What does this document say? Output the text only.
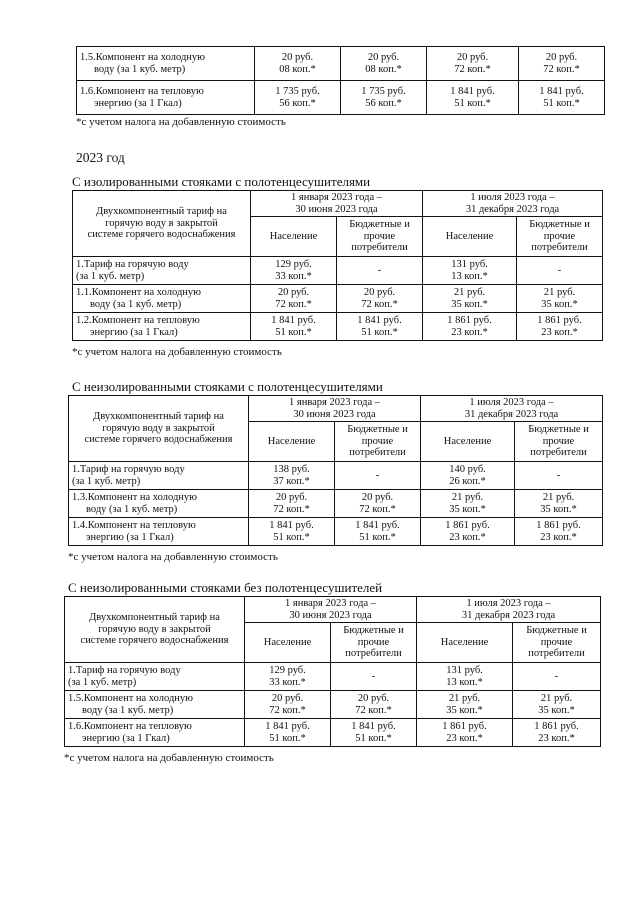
1.5.Компонент на холодную
воду (за 1 куб. метр)	20 руб.
08 коп.*	20 руб.
08 коп.*	20 руб.
72 коп.*	20 руб.
72 коп.*

1.6.Компонент на тепловую
энергию (за 1 Гкал)	1 735 руб.
56 коп.*	1 735 руб.
56 коп.*	1 841 руб.
51 коп.*	1 841 руб.
51 коп.*
*с учетом налога на добавленную стоимость
2023 год
С изолированными стояками с полотенцесушителями
Двухкомпонентный тариф на
горячую воду в закрытой
системе горячего водоснабжения	1 января 2023 года –
30 июня 2023 года		1 июля 2023 года –
31 декабря 2023 года	

	Население	Бюджетные и
прочие
потребители	Население	Бюджетные и
прочие
потребители

1.Тариф на горячую воду
(за 1 куб. метр)	129 руб.
33 коп.*	-	131 руб.
13 коп.*	-

1.1.Компонент на холодную
воду (за 1 куб. метр)	20 руб.
72 коп.*	20 руб.
72 коп.*	21 руб.
35 коп.*	21 руб.
35 коп.*

1.2.Компонент на тепловую
энергию (за 1 Гкал)	1 841 руб.
51 коп.*	1 841 руб.
51 коп.*	1 861 руб.
23 коп.*	1 861 руб.
23 коп.*
*с учетом налога на добавленную стоимость
С неизолированными стояками с полотенцесушителями
Двухкомпонентный тариф на
горячую воду в закрытой
системе горячего водоснабжения	1 января 2023 года –
30 июня 2023 года		1 июля 2023 года –
31 декабря 2023 года	

	Население	Бюджетные и
прочие
потребители	Население	Бюджетные и
прочие
потребители

1.Тариф на горячую воду
(за 1 куб. метр)	138 руб.
37 коп.*	-	140 руб.
26 коп.*	-

1.3.Компонент на холодную
воду (за 1 куб. метр)	20 руб.
72 коп.*	20 руб.
72 коп.*	21 руб.
35 коп.*	21 руб.
35 коп.*

1.4.Компонент на тепловую
энергию (за 1 Гкал)	1 841 руб.
51 коп.*	1 841 руб.
51 коп.*	1 861 руб.
23 коп.*	1 861 руб.
23 коп.*
*с учетом налога на добавленную стоимость
С неизолированными стояками без полотенцесушителей
Двухкомпонентный тариф на
горячую воду в закрытой
системе горячего водоснабжения	1 января 2023 года –
30 июня 2023 года		1 июля 2023 года –
31 декабря 2023 года	

	Население	Бюджетные и
прочие
потребители	Население	Бюджетные и
прочие
потребители

1.Тариф на горячую воду
(за 1 куб. метр)	129 руб.
33 коп.*	-	131 руб.
13 коп.*	-

1.5.Компонент на холодную
воду (за 1 куб. метр)	20 руб.
72 коп.*	20 руб.
72 коп.*	21 руб.
35 коп.*	21 руб.
35 коп.*

1.6.Компонент на тепловую
энергию (за 1 Гкал)	1 841 руб.
51 коп.*	1 841 руб.
51 коп.*	1 861 руб.
23 коп.*	1 861 руб.
23 коп.*
*с учетом налога на добавленную стоимость
